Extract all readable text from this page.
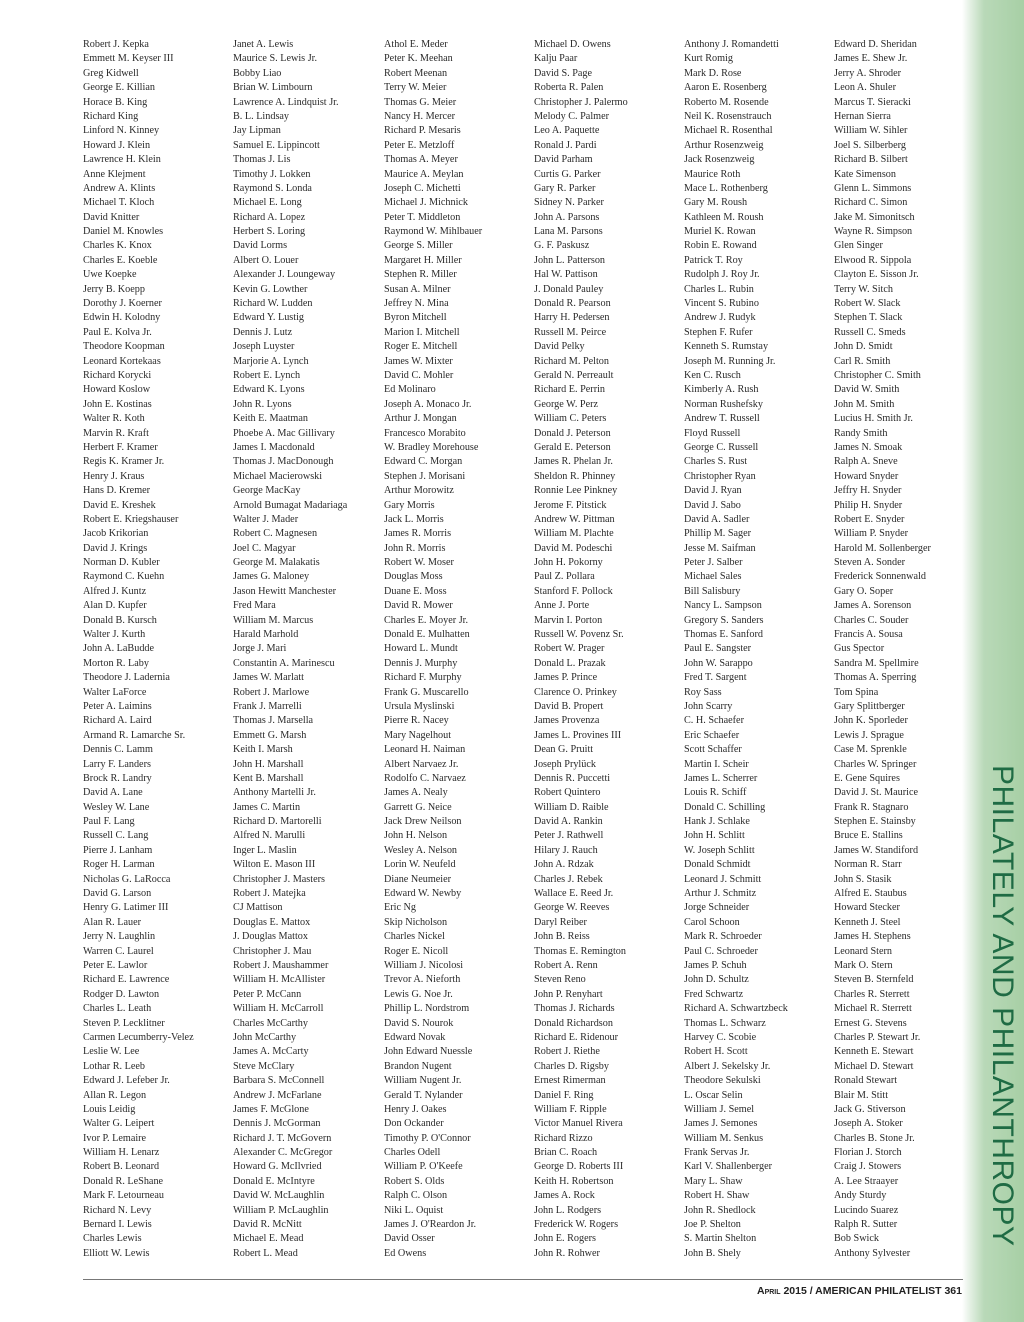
Robert J. Kepka
Emmett M. Keyser III
Greg Kidwell
George E. Killian
Horace B. King
Richard King
Linford N. Kinney
Howard J. Klein
Lawrence H. Klein
Anne Klejment
Andrew A. Klints
Michael T. Kloch
David Knitter
Daniel M. Knowles
Charles K. Knox
Charles E. Koeble
Uwe Koepke
Jerry B. Koepp
Dorothy J. Koerner
Edwin H. Kolodny
Paul E. Kolva Jr.
Theodore Koopman
Leonard Kortekaas
Richard Korycki
Howard Koslow
John E. Kostinas
Walter R. Koth
Marvin R. Kraft
Herbert F. Kramer
Regis K. Kramer Jr.
Henry J. Kraus
Hans D. Kremer
David E. Kreshek
Robert E. Kriegshauser
Jacob Krikorian
David J. Krings
Norman D. Kubler
Raymond C. Kuehn
Alfred J. Kuntz
Alan D. Kupfer
Donald B. Kursch
Walter J. Kurth
John A. LaBudde
Morton R. Laby
Theodore J. Ladernia
Walter LaForce
Peter A. Laimins
Richard A. Laird
Armand R. Lamarche Sr.
Dennis C. Lamm
Larry F. Landers
Brock R. Landry
David A. Lane
Wesley W. Lane
Paul F. Lang
Russell C. Lang
Pierre J. Lanham
Roger H. Larman
Nicholas G. LaRocca
David G. Larson
Henry G. Latimer III
Alan R. Lauer
Jerry N. Laughlin
Warren C. Laurel
Peter E. Lawlor
Richard E. Lawrence
Rodger D. Lawton
Charles L. Leath
Steven P. Lecklitner
Carmen Lecumberry-Velez
Leslie W. Lee
Lothar R. Leeb
Edward J. Lefeber Jr.
Allan R. Legon
Louis Leidig
Walter G. Leipert
Ivor P. Lemaire
William H. Lenarz
Robert B. Leonard
Donald R. LeShane
Mark F. Letourneau
Richard N. Levy
Bernard I. Lewis
Charles Lewis
Elliott W. Lewis
Janet A. Lewis
Maurice S. Lewis Jr.
Bobby Liao
Brian W. Limbourn
Lawrence A. Lindquist Jr.
B. L. Lindsay
Jay Lipman
Samuel E. Lippincott
Thomas J. Lis
Timothy J. Lokken
Raymond S. Londa
Michael E. Long
Richard A. Lopez
Herbert S. Loring
David Lorms
Albert O. Louer
Alexander J. Loungeway
Kevin G. Lowther
Richard W. Ludden
Edward Y. Lustig
Dennis J. Lutz
Joseph Luyster
Marjorie A. Lynch
Robert E. Lynch
Edward K. Lyons
John R. Lyons
Keith E. Maatman
Phoebe A. Mac Gillivary
James I. Macdonald
Thomas J. MacDonough
Michael Macierowski
George MacKay
Arnold Bumagat Madariaga
Walter J. Mader
Robert C. Magnesen
Joel C. Magyar
George M. Malakatis
James G. Maloney
Jason Hewitt Manchester
Fred Mara
William M. Marcus
Harald Marhold
Jorge J. Mari
Constantin A. Marinescu
James W. Marlatt
Robert J. Marlowe
Frank J. Marrelli
Thomas J. Marsella
Emmett G. Marsh
Keith I. Marsh
John H. Marshall
Kent B. Marshall
Anthony Martelli Jr.
James C. Martin
Richard D. Martorelli
Alfred N. Marulli
Inger L. Maslin
Wilton E. Mason III
Christopher J. Masters
Robert J. Matejka
CJ Mattison
Douglas E. Mattox
J. Douglas Mattox
Christopher J. Mau
Robert J. Maushammer
William H. McAllister
Peter P. McCann
William H. McCarroll
Charles McCarthy
John McCarthy
James A. McCarty
Steve McClary
Barbara S. McConnell
Andrew J. McFarlane
James F. McGlone
Dennis J. McGorman
Richard J. T. McGovern
Alexander C. McGregor
Howard G. McIlvried
Donald E. McIntyre
David W. McLaughlin
William P. McLaughlin
David R. McNitt
Michael E. Mead
Robert L. Mead
Athol E. Meder
Peter K. Meehan
Robert Meenan
Terry W. Meier
Thomas G. Meier
Nancy H. Mercer
Richard P. Mesaris
Peter E. Metzloff
Thomas A. Meyer
Maurice A. Meylan
Joseph C. Michetti
Michael J. Michnick
Peter T. Middleton
Raymond W. Mihlbauer
George S. Miller
Margaret H. Miller
Stephen R. Miller
Susan A. Milner
Jeffrey N. Mina
Byron Mitchell
Marion I. Mitchell
Roger E. Mitchell
James W. Mixter
David C. Mohler
Ed Molinaro
Joseph A. Monaco Jr.
Arthur J. Mongan
Francesco Morabito
W. Bradley Morehouse
Edward C. Morgan
Stephen J. Morisani
Arthur Morowitz
Gary Morris
Jack L. Morris
James R. Morris
John R. Morris
Robert W. Moser
Douglas Moss
Duane E. Moss
David R. Mower
Charles E. Moyer Jr.
Donald E. Mulhatten
Howard L. Mundt
Dennis J. Murphy
Richard F. Murphy
Frank G. Muscarello
Ursula Myslinski
Pierre R. Nacey
Mary Nagelhout
Leonard H. Naiman
Albert Narvaez Jr.
Rodolfo C. Narvaez
James A. Nealy
Garrett G. Neice
Jack Drew Neilson
John H. Nelson
Wesley A. Nelson
Lorin W. Neufeld
Diane Neumeier
Edward W. Newby
Eric Ng
Skip Nicholson
Charles Nickel
Roger E. Nicoll
William J. Nicolosi
Trevor A. Nieforth
Lewis G. Noe Jr.
Phillip L. Nordstrom
David S. Nourok
Edward Novak
John Edward Nuessle
Brandon Nugent
William Nugent Jr.
Gerald T. Nylander
Henry J. Oakes
Don Ockander
Timothy P. O'Connor
Charles Odell
William P. O'Keefe
Robert S. Olds
Ralph C. Olson
Niki L. Oquist
James J. O'Reardon Jr.
David Osser
Ed Owens
Michael D. Owens
Kalju Paar
David S. Page
Roberta R. Palen
Christopher J. Palermo
Melody C. Palmer
Leo A. Paquette
Ronald J. Pardi
David Parham
Curtis G. Parker
Gary R. Parker
Sidney N. Parker
John A. Parsons
Lana M. Parsons
G. F. Paskusz
John L. Patterson
Hal W. Pattison
J. Donald Pauley
Donald R. Pearson
Harry H. Pedersen
Russell M. Peirce
David Pelky
Richard M. Pelton
Gerald N. Perreault
Richard E. Perrin
George W. Perz
William C. Peters
Donald J. Peterson
Gerald E. Peterson
James R. Phelan Jr.
Sheldon R. Phinney
Ronnie Lee Pinkney
Jerome F. Pitstick
Andrew W. Pittman
William M. Plachte
David M. Podeschi
John H. Pokorny
Paul Z. Pollara
Stanford F. Pollock
Anne J. Porte
Marvin I. Porton
Russell W. Povenz Sr.
Robert W. Prager
Donald L. Prazak
James P. Prince
Clarence O. Prinkey
David B. Propert
James Provenza
James L. Provines III
Dean G. Pruitt
Joseph Prylück
Dennis R. Puccetti
Robert Quintero
William D. Raible
David A. Rankin
Peter J. Rathwell
Hilary J. Rauch
John A. Rdzak
Charles J. Rebek
Wallace E. Reed Jr.
George W. Reeves
Daryl Reiber
John B. Reiss
Thomas E. Remington
Robert A. Renn
Steven Reno
John P. Renyhart
Thomas J. Richards
Donald Richardson
Richard E. Ridenour
Robert J. Riethe
Charles D. Rigsby
Ernest Rimerman
Daniel F. Ring
William F. Ripple
Victor Manuel Rivera
Richard Rizzo
Brian C. Roach
George D. Roberts III
Keith H. Robertson
James A. Rock
John L. Rodgers
Frederick W. Rogers
John E. Rogers
John R. Rohwer
Anthony J. Romandetti
Kurt Romig
Mark D. Rose
Aaron E. Rosenberg
Roberto M. Rosende
Neil K. Rosenstrauch
Michael R. Rosenthal
Arthur Rosenzweig
Jack Rosenzweig
Maurice Roth
Mace L. Rothenberg
Gary M. Roush
Kathleen M. Roush
Muriel K. Rowan
Robin E. Rowand
Patrick T. Roy
Rudolph J. Roy Jr.
Charles L. Rubin
Vincent S. Rubino
Andrew J. Rudyk
Stephen F. Rufer
Kenneth S. Rumstay
Joseph M. Running Jr.
Ken C. Rusch
Kimberly A. Rush
Norman Rushefsky
Andrew T. Russell
Floyd Russell
George C. Russell
Charles S. Rust
Christopher Ryan
David J. Ryan
David J. Sabo
David A. Sadler
Phillip M. Sager
Jesse M. Saifman
Peter J. Salber
Michael Sales
Bill Salisbury
Nancy L. Sampson
Gregory S. Sanders
Thomas E. Sanford
Paul E. Sangster
John W. Sarappo
Fred T. Sargent
Roy Sass
John Scarry
C. H. Schaefer
Eric Schaefer
Scott Schaffer
Martin I. Scheir
James L. Scherrer
Louis R. Schiff
Donald C. Schilling
Hank J. Schlake
John H. Schlitt
W. Joseph Schlitt
Donald Schmidt
Leonard J. Schmitt
Arthur J. Schmitz
Jorge Schneider
Carol Schoon
Mark R. Schroeder
Paul C. Schroeder
James P. Schuh
John D. Schultz
Fred Schwartz
Richard A. Schwartzbeck
Thomas L. Schwarz
Harvey C. Scobie
Robert H. Scott
Albert J. Sekelsky Jr.
Theodore Sekulski
L. Oscar Selin
William J. Semel
James J. Semones
William M. Senkus
Frank Servas Jr.
Karl V. Shallenberger
Mary L. Shaw
Robert H. Shaw
John R. Shedlock
Joe P. Shelton
S. Martin Shelton
John B. Shely
Edward D. Sheridan
James E. Shew Jr.
Jerry A. Shroder
Leon A. Shuler
Marcus T. Sieracki
Hernan Sierra
William W. Sihler
Joel S. Silberberg
Richard B. Silbert
Kate Simenson
Glenn L. Simmons
Richard C. Simon
Jake M. Simonitsch
Wayne R. Simpson
Glen Singer
Elwood R. Sippola
Clayton E. Sisson Jr.
Terry W. Sitch
Robert W. Slack
Stephen T. Slack
Russell C. Smeds
John D. Smidt
Carl R. Smith
Christopher C. Smith
David W. Smith
John M. Smith
Lucius H. Smith Jr.
Randy Smith
James N. Smoak
Ralph A. Sneve
Howard Snyder
Jeffry H. Snyder
Philip H. Snyder
Robert E. Snyder
William P. Snyder
Harold M. Sollenberger
Steven A. Sonder
Frederick Sonnenwald
Gary O. Soper
James A. Sorenson
Charles C. Souder
Francis A. Sousa
Gus Spector
Sandra M. Spellmire
Thomas A. Sperring
Tom Spina
Gary Splittberger
John K. Sporleder
Lewis J. Sprague
Case M. Sprenkle
Charles W. Springer
E. Gene Squires
David J. St. Maurice
Frank R. Stagnaro
Stephen E. Stainsby
Bruce E. Stallins
James W. Standiford
Norman R. Starr
John S. Stasik
Alfred E. Staubus
Howard Stecker
Kenneth J. Steel
James H. Stephens
Leonard Stern
Mark O. Stern
Steven B. Sternfeld
Charles R. Sterrett
Michael R. Sterrett
Ernest G. Stevens
Charles P. Stewart Jr.
Kenneth E. Stewart
Michael D. Stewart
Ronald Stewart
Blair M. Stitt
Jack G. Stiverson
Joseph A. Stoker
Charles B. Stone Jr.
Florian J. Storch
Craig J. Stowers
A. Lee Straayer
Andy Sturdy
Lucindo Suarez
Ralph R. Sutter
Bob Swick
Anthony Sylvester
PHILATELY AND PHILANTHROPY
April 2015 / AMERICAN PHILATELIST 361
